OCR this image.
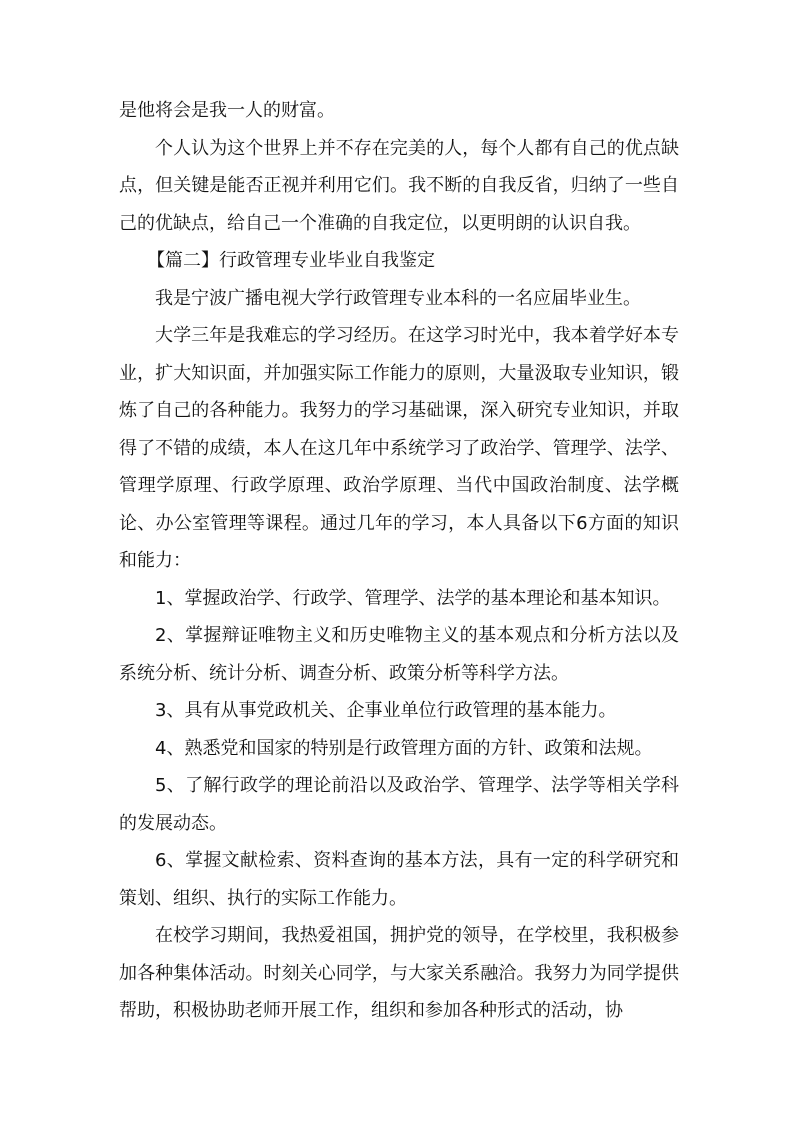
是他将会是我一人的财富。

个人认为这个世界上并不存在完美的人，每个人都有自己的优点缺点，但关键是能否正视并利用它们。我不断的自我反省，归纳了一些自己的优缺点，给自己一个准确的自我定位，以更明朗的认识自我。

【篇二】行政管理专业毕业自我鉴定

我是宁波广播电视大学行政管理专业本科的一名应届毕业生。

大学三年是我难忘的学习经历。在这学习时光中，我本着学好本专业，扩大知识面，并加强实际工作能力的原则，大量汲取专业知识，锻炼了自己的各种能力。我努力的学习基础课，深入研究专业知识，并取得了不错的成绩，本人在这几年中系统学习了政治学、管理学、法学、管理学原理、行政学原理、政治学原理、当代中国政治制度、法学概论、办公室管理等课程。通过几年的学习，本人具备以下6方面的知识和能力：

1、掌握政治学、行政学、管理学、法学的基本理论和基本知识。

2、掌握辩证唯物主义和历史唯物主义的基本观点和分析方法以及系统分析、统计分析、调查分析、政策分析等科学方法。

3、具有从事党政机关、企事业单位行政管理的基本能力。

4、熟悉党和国家的特别是行政管理方面的方针、政策和法规。

5、了解行政学的理论前沿以及政治学、管理学、法学等相关学科的发展动态。

6、掌握文献检索、资料查询的基本方法，具有一定的科学研究和策划、组织、执行的实际工作能力。

在校学习期间，我热爱祖国，拥护党的领导，在学校里，我积极参加各种集体活动。时刻关心同学，与大家关系融洽。我努力为同学提供帮助，积极协助老师开展工作，组织和参加各种形式的活动，协
